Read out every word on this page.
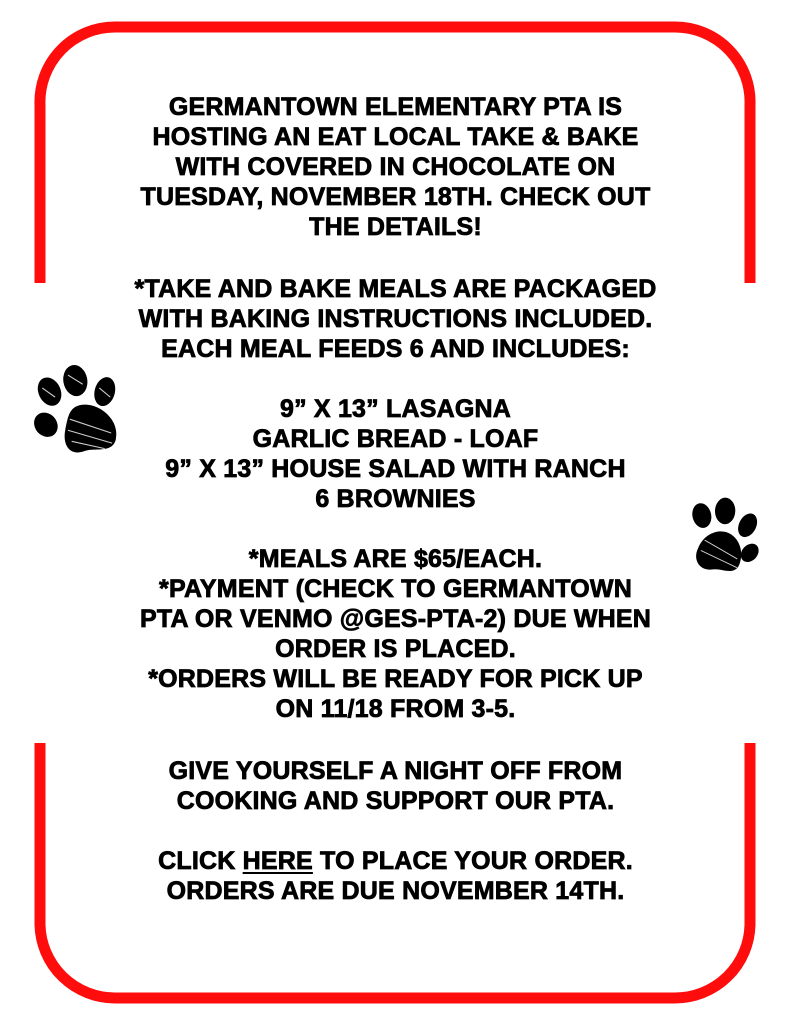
GERMANTOWN ELEMENTARY PTA IS
HOSTING AN EAT LOCAL TAKE & BAKE
WITH COVERED IN CHOCOLATE ON
TUESDAY, NOVEMBER 18TH. CHECK OUT
THE DETAILS!
*TAKE AND BAKE MEALS ARE PACKAGED
WITH BAKING INSTRUCTIONS INCLUDED.
EACH MEAL FEEDS 6 AND INCLUDES:
9” X 13” LASAGNA
GARLIC BREAD - LOAF
9” X 13” HOUSE SALAD WITH RANCH
6 BROWNIES
*MEALS ARE $65/EACH.
*PAYMENT (CHECK TO GERMANTOWN
PTA OR VENMO @GES-PTA-2) DUE WHEN
ORDER IS PLACED.
*ORDERS WILL BE READY FOR PICK UP
ON 11/18 FROM 3-5.
GIVE YOURSELF A NIGHT OFF FROM
COOKING AND SUPPORT OUR PTA.
CLICK HERE TO PLACE YOUR ORDER.
ORDERS ARE DUE NOVEMBER 14TH.
